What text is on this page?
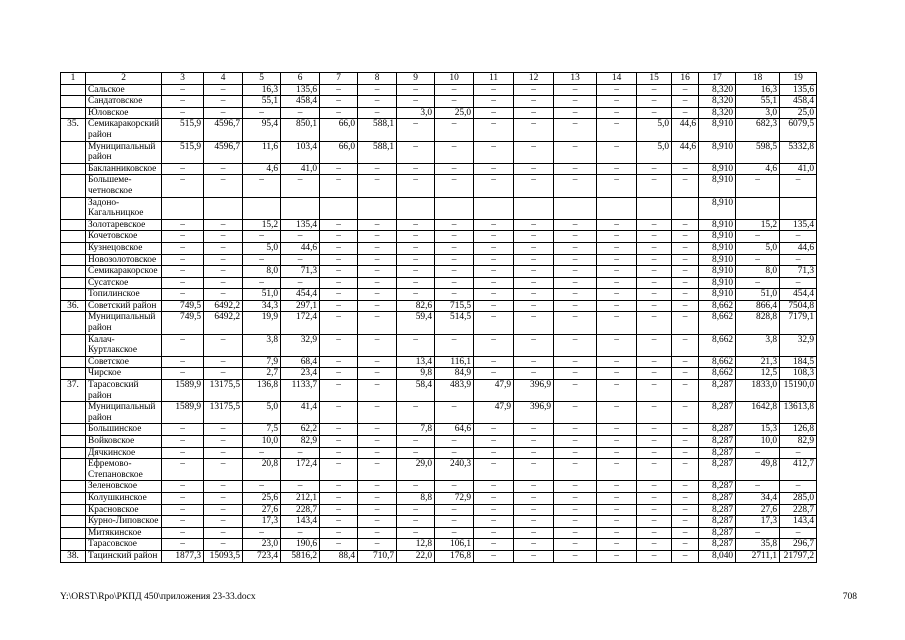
1	2	3	4	5	6	7	8	9	10	11	12	13	14	15	16	17	18	19
	Сальское	–	–	16,3	135,6	–	–	–	–	–	–	–	–	–	–	8,320	16,3	135,6
	Сандатовское	–	–	55,1	458,4	–	–	–	–	–	–	–	–	–	–	8,320	55,1	458,4
	Юловское	–	–	–	–	–	–	3,0	25,0	–	–	–	–	–	–	8,320	3,0	25,0
35.	Семикаракорский район	515,9	4596,7	95,4	850,1	66,0	588,1	–	–	–	–	–	–	5,0	44,6	8,910	682,3	6079,5
	Муниципальный район	515,9	4596,7	11,6	103,4	66,0	588,1	–	–	–	–	–	–	5,0	44,6	8,910	598,5	5332,8
	Бакланниковское	–	–	4,6	41,0	–	–	–	–	–	–	–	–	–	–	8,910	4,6	41,0
	Большеме-четновское	–	–	–	–	–	–	–	–	–	–	–	–	–	–	8,910	–	–
	Задоно-Кагальницкое															8,910		
	Золотаревское	–	–	15,2	135,4	–	–	–	–	–	–	–	–	–	–	8,910	15,2	135,4
	Кочетовское	–	–	–	–	–	–	–	–	–	–	–	–	–	–	8,910	–	–
	Кузнецовское	–	–	5,0	44,6	–	–	–	–	–	–	–	–	–	–	8,910	5,0	44,6
	Новозолотовское	–	–	–	–	–	–	–	–	–	–	–	–	–	–	8,910	–	–
	Семикаракорское	–	–	8,0	71,3	–	–	–	–	–	–	–	–	–	–	8,910	8,0	71,3
	Сусатское	–	–	–	–	–	–	–	–	–	–	–	–	–	–	8,910	–	–
	Топилинское	–	–	51,0	454,4	–	–	–	–	–	–	–	–	–	–	8,910	51,0	454,4
36.	Советский район	749,5	6492,2	34,3	297,1	–	–	82,6	715,5	–	–	–	–	–	–	8,662	866,4	7504,8
	Муниципальный район	749,5	6492,2	19,9	172,4	–	–	59,4	514,5	–	–	–	–	–	–	8,662	828,8	7179,1
	Калач-Куртлакское	–	–	3,8	32,9	–	–	–	–	–	–	–	–	–	–	8,662	3,8	32,9
	Советское	–	–	7,9	68,4	–	–	13,4	116,1	–	–	–	–	–	–	8,662	21,3	184,5
	Чирское	–	–	2,7	23,4	–	–	9,8	84,9	–	–	–	–	–	–	8,662	12,5	108,3
37.	Тарасовский район	1589,9	13175,5	136,8	1133,7	–	–	58,4	483,9	47,9	396,9	–	–	–	–	8,287	1833,0	15190,0
	Муниципальный район	1589,9	13175,5	5,0	41,4	–	–	–	–	47,9	396,9	–	–	–	–	8,287	1642,8	13613,8
	Большинское	–	–	7,5	62,2	–	–	7,8	64,6	–	–	–	–	–	–	8,287	15,3	126,8
	Войковское	–	–	10,0	82,9	–	–	–	–	–	–	–	–	–	–	8,287	10,0	82,9
	Дячкинское	–	–	–	–	–	–	–	–	–	–	–	–	–	–	8,287	–	–
	Ефремово-Степановское	–	–	20,8	172,4	–	–	29,0	240,3	–	–	–	–	–	–	8,287	49,8	412,7
	Зеленовское	–	–	–	–	–	–	–	–	–	–	–	–	–	–	8,287	–	–
	Колушкинское	–	–	25,6	212,1	–	–	8,8	72,9	–	–	–	–	–	–	8,287	34,4	285,0
	Красновское	–	–	27,6	228,7	–	–	–	–	–	–	–	–	–	–	8,287	27,6	228,7
	Курно-Липовское	–	–	17,3	143,4	–	–	–	–	–	–	–	–	–	–	8,287	17,3	143,4
	Митякинское	–	–	–	–	–	–	–	–	–	–	–	–	–	–	8,287	–	–
	Тарасовское	–	–	23,0	190,6	–	–	12,8	106,1	–	–	–	–	–	–	8,287	35,8	296,7
38.	Тацинский район	1877,3	15093,5	723,4	5816,2	88,4	710,7	22,0	176,8	–	–	–	–	–	–	8,040	2711,1	21797,2
Y:\ORST\Rpo\РКПД 450\приложения 23-33.docx	708
